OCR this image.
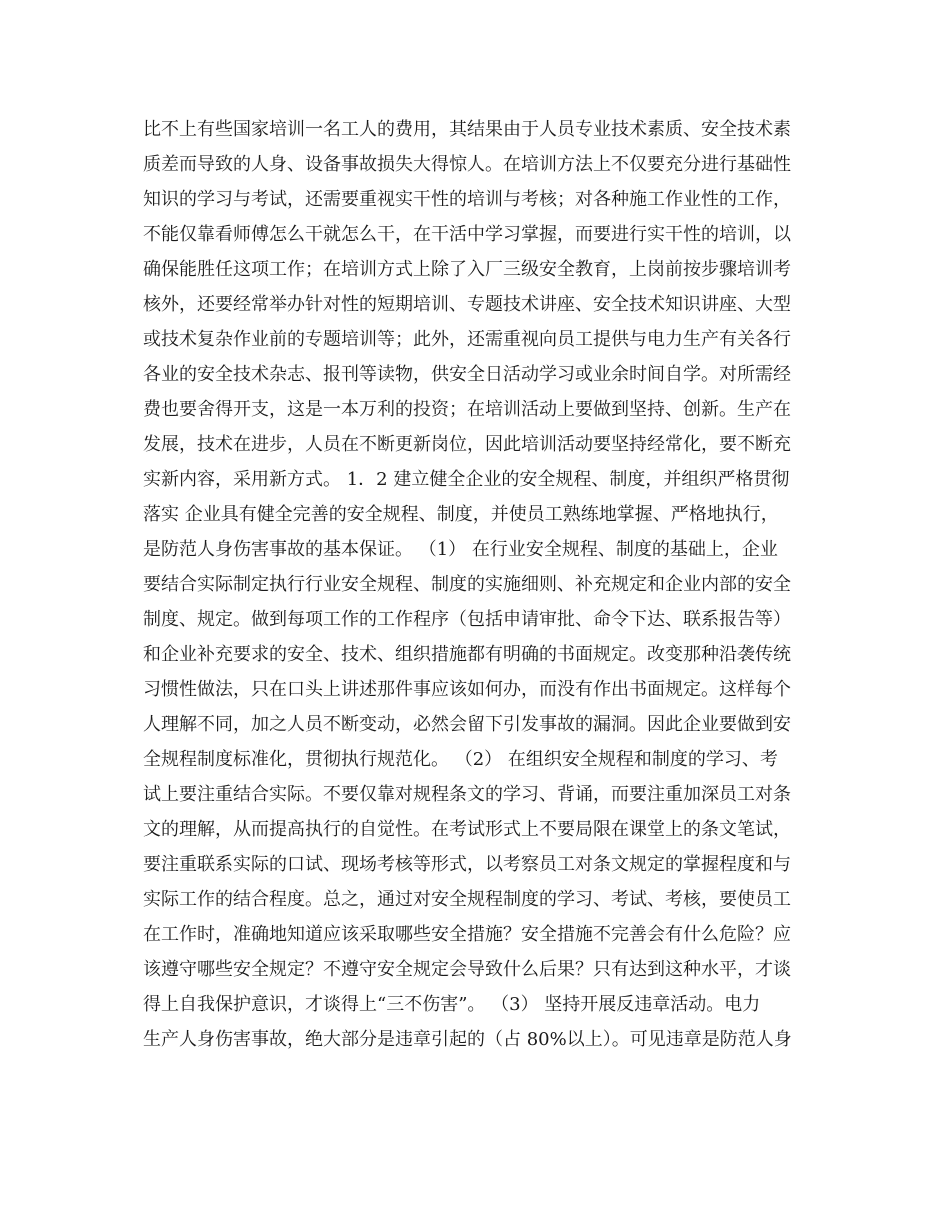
比不上有些国家培训一名工人的费用，其结果由于人员专业技术素质、安全技术素
质差而导致的人身、设备事故损失大得惊人。在培训方法上不仅要充分进行基础性
知识的学习与考试，还需要重视实干性的培训与考核；对各种施工作业性的工作，
不能仅靠看师傅怎么干就怎么干，在干活中学习掌握，而要进行实干性的培训，以
确保能胜任这项工作；在培训方式上除了入厂三级安全教育，上岗前按步骤培训考
核外，还要经常举办针对性的短期培训、专题技术讲座、安全技术知识讲座、大型
或技术复杂作业前的专题培训等；此外，还需重视向员工提供与电力生产有关各行
各业的安全技术杂志、报刊等读物，供安全日活动学习或业余时间自学。对所需经
费也要舍得开支，这是一本万利的投资；在培训活动上要做到坚持、创新。生产在
发展，技术在进步，人员在不断更新岗位，因此培训活动要坚持经常化，要不断充
实新内容，采用新方式。 1．2 建立健全企业的安全规程、制度，并组织严格贯彻
落实 企业具有健全完善的安全规程、制度，并使员工熟练地掌握、严格地执行，
是防范人身伤害事故的基本保证。 （1） 在行业安全规程、制度的基础上，企业
要结合实际制定执行行业安全规程、制度的实施细则、补充规定和企业内部的安全
制度、规定。做到每项工作的工作程序（包括申请审批、命令下达、联系报告等）
和企业补充要求的安全、技术、组织措施都有明确的书面规定。改变那种沿袭传统
习惯性做法，只在口头上讲述那件事应该如何办，而没有作出书面规定。这样每个
人理解不同，加之人员不断变动，必然会留下引发事故的漏洞。因此企业要做到安
全规程制度标准化，贯彻执行规范化。 （2） 在组织安全规程和制度的学习、考
试上要注重结合实际。不要仅靠对规程条文的学习、背诵，而要注重加深员工对条
文的理解，从而提高执行的自觉性。在考试形式上不要局限在课堂上的条文笔试，
要注重联系实际的口试、现场考核等形式，以考察员工对条文规定的掌握程度和与
实际工作的结合程度。总之，通过对安全规程制度的学习、考试、考核，要使员工
在工作时，准确地知道应该采取哪些安全措施？安全措施不完善会有什么危险？应
该遵守哪些安全规定？不遵守安全规定会导致什么后果？只有达到这种水平，才谈
得上自我保护意识，才谈得上“三不伤害”。 （3） 坚持开展反违章活动。电力
生产人身伤害事故，绝大部分是违章引起的（占 80%以上）。可见违章是防范人身
